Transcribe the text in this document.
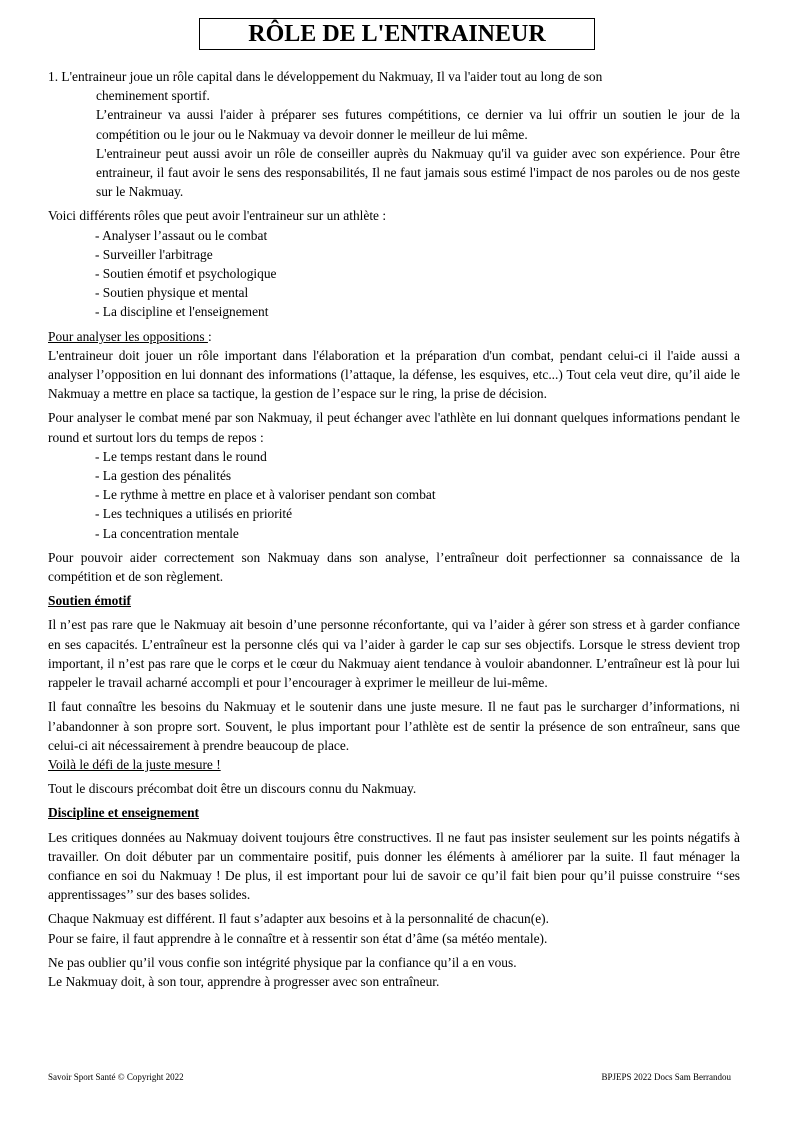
RÔLE DE L'ENTRAINEUR

1. L'entraineur joue un rôle capital dans le développement du Nakmuay, Il va l'aider tout au long de son

cheminement sportif.

L’entraineur va aussi l'aider à préparer ses futures compétitions, ce dernier va lui offrir un soutien le jour de la compétition ou le jour ou le Nakmuay va devoir donner le meilleur de lui même.

L'entraineur peut aussi avoir un rôle de conseiller auprès du Nakmuay qu'il va guider avec son expérience. Pour être entraineur, il faut avoir le sens des responsabilités, Il ne faut jamais sous estimé l'impact de nos paroles ou de nos geste sur le Nakmuay.

Voici différents rôles que peut avoir l'entraineur sur un athlète :

- Analyser l’assaut ou le combat
- Surveiller l'arbitrage
- Soutien émotif et psychologique
- Soutien physique et mental
- La discipline et l'enseignement

Pour analyser les oppositions :

L'entraineur doit jouer un rôle important dans l'élaboration et la préparation d'un combat, pendant celui-ci il l'aide aussi a analyser l’opposition en lui donnant des informations (l’attaque, la défense, les esquives, etc...) Tout cela veut dire, qu’il aide le Nakmuay a mettre en place sa tactique, la gestion de l’espace sur le ring, la prise de décision.

Pour analyser le combat mené par son Nakmuay, il peut échanger avec l'athlète en lui donnant quelques informations pendant le round et surtout lors du temps de repos :

- Le temps restant dans le round
- La gestion des pénalités
- Le rythme à mettre en place et à valoriser pendant son combat
- Les techniques a utilisés en priorité
- La concentration mentale

Pour pouvoir aider correctement son Nakmuay dans son analyse, l’entraîneur doit perfectionner sa connaissance de la compétition et de son règlement.

Soutien émotif

Il n’est pas rare que le Nakmuay ait besoin d’une personne réconfortante, qui va l’aider à gérer son stress et à garder confiance en ses capacités. L’entraîneur est la personne clés qui va l’aider à garder le cap sur ses objectifs. Lorsque le stress devient trop important, il n’est pas rare que le corps et le cœur du Nakmuay aient tendance à vouloir abandonner. L’entraîneur est là pour lui rappeler le travail acharné accompli et pour l’encourager à exprimer le meilleur de lui-même.

Il faut connaître les besoins du Nakmuay et le soutenir dans une juste mesure. Il ne faut pas le surcharger d’informations, ni l’abandonner à son propre sort. Souvent, le plus important pour l’athlète est de sentir la présence de son entraîneur, sans que celui-ci ait nécessairement à prendre beaucoup de place.

Voilà le défi de la juste mesure !

Tout le discours précombat doit être un discours connu du Nakmuay.

Discipline et enseignement

Les critiques données au Nakmuay doivent toujours être constructives. Il ne faut pas insister seulement sur les points négatifs à travailler. On doit débuter par un commentaire positif, puis donner les éléments à améliorer par la suite. Il faut ménager la confiance en soi du Nakmuay ! De plus, il est important pour lui de savoir ce qu’il fait bien pour qu’il puisse construire ‘‘ses apprentissages’’ sur des bases solides.

Chaque Nakmuay est différent. Il faut s’adapter aux besoins et à la personnalité de chacun(e).

Pour se faire, il faut apprendre à le connaître et à ressentir son état d’âme (sa météo mentale).

Ne pas oublier qu’il vous confie son intégrité physique par la confiance qu’il a en vous.

Le Nakmuay doit, à son tour, apprendre à progresser avec son entraîneur.

Savoir Sport Santé © Copyright 2022	BPJEPS 2022 Docs Sam Berrandou
